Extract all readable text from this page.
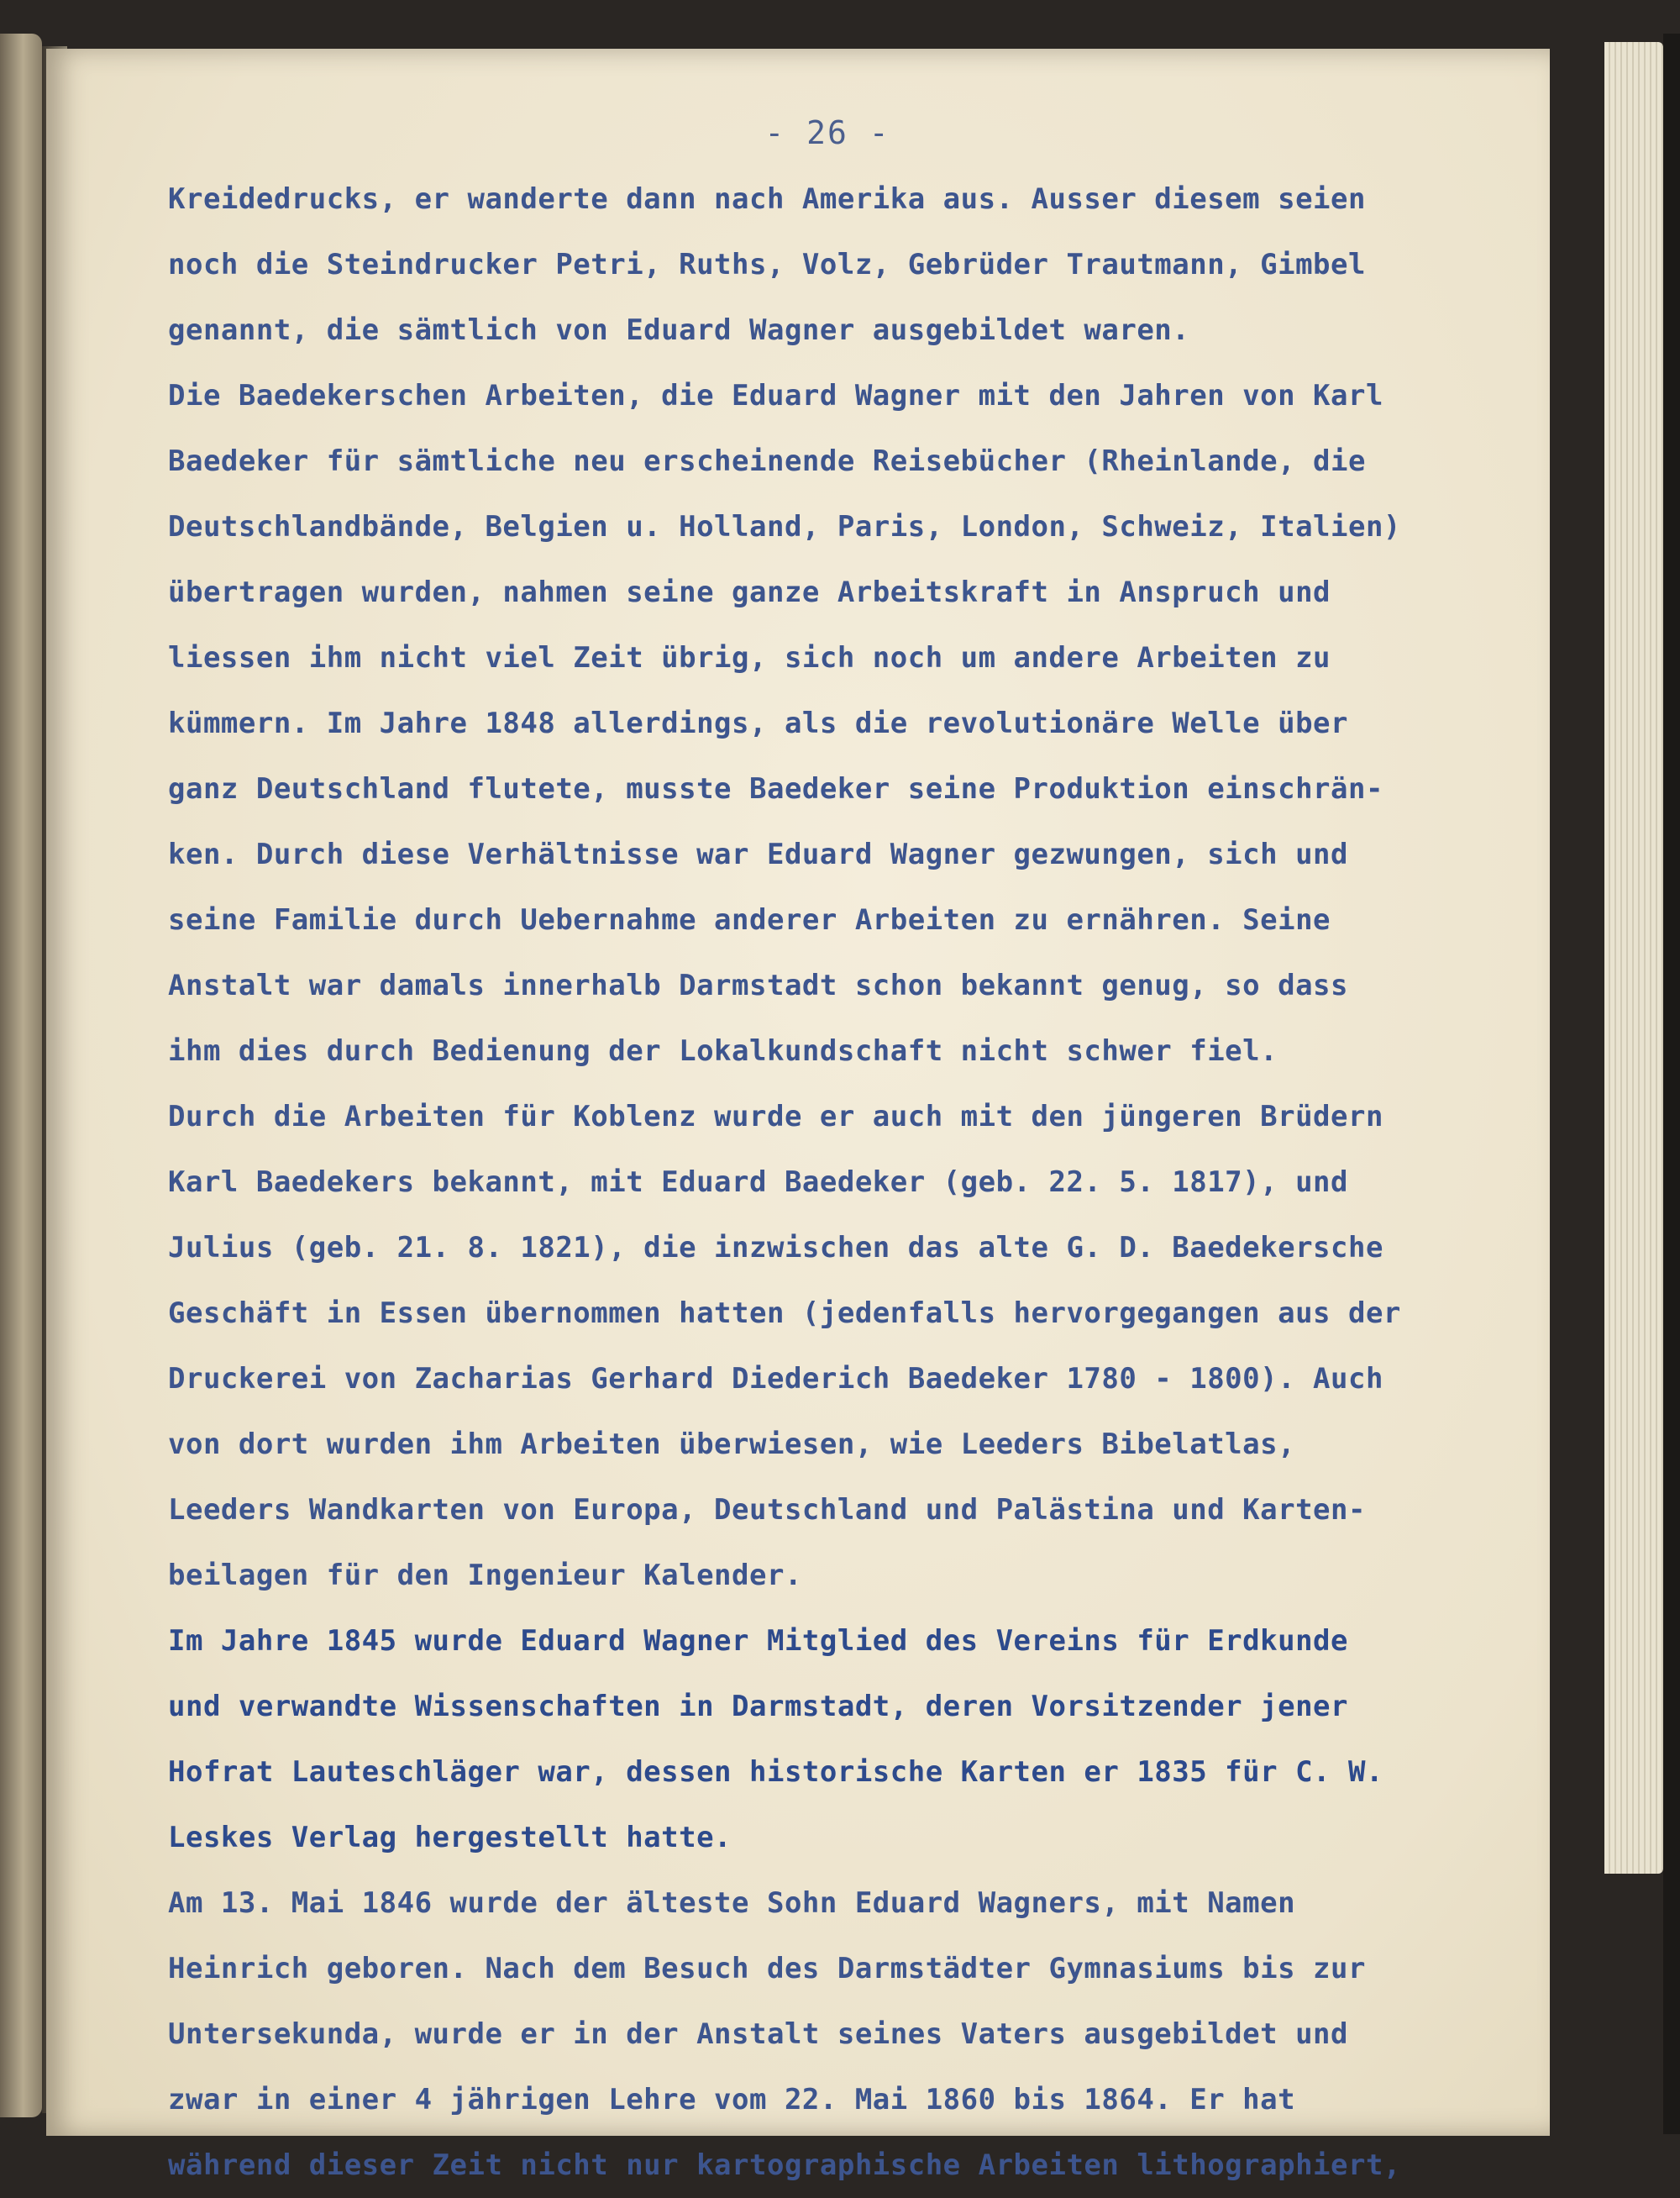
- 26 -
Kreidedrucks, er wanderte dann nach Amerika aus. Ausser diesem seien
noch die Steindrucker Petri, Ruths, Volz, Gebrüder Trautmann, Gimbel
genannt, die sämtlich von Eduard Wagner ausgebildet waren.
Die Baedekerschen Arbeiten, die Eduard Wagner mit den Jahren von Karl
Baedeker für sämtliche neu erscheinende Reisebücher (Rheinlande, die
Deutschlandbände, Belgien u. Holland, Paris, London, Schweiz, Italien)
übertragen wurden, nahmen seine ganze Arbeitskraft in Anspruch und
liessen ihm nicht viel Zeit übrig, sich noch um andere Arbeiten zu
kümmern. Im Jahre 1848 allerdings, als die revolutionäre Welle über
ganz Deutschland flutete, musste Baedeker seine Produktion einschrän-
ken. Durch diese Verhältnisse war Eduard Wagner gezwungen, sich und
seine Familie durch Uebernahme anderer Arbeiten zu ernähren. Seine
Anstalt war damals innerhalb Darmstadt schon bekannt genug, so dass
ihm dies durch Bedienung der Lokalkundschaft nicht schwer fiel.
Durch die Arbeiten für Koblenz wurde er auch mit den jüngeren Brüdern
Karl Baedekers bekannt, mit Eduard Baedeker (geb. 22. 5. 1817), und
Julius (geb. 21. 8. 1821), die inzwischen das alte G. D. Baedekersche
Geschäft in Essen übernommen hatten (jedenfalls hervorgegangen aus der
Druckerei von Zacharias Gerhard Diederich Baedeker 1780 - 1800). Auch
von dort wurden ihm Arbeiten überwiesen, wie Leeders Bibelatlas,
Leeders Wandkarten von Europa, Deutschland und Palästina und Karten-
beilagen für den Ingenieur Kalender.
Im Jahre 1845 wurde Eduard Wagner Mitglied des Vereins für Erdkunde
und verwandte Wissenschaften in Darmstadt, deren Vorsitzender jener
Hofrat Lauteschläger war, dessen historische Karten er 1835 für C. W.
Leskes Verlag hergestellt hatte.
Am 13. Mai 1846 wurde der älteste Sohn Eduard Wagners, mit Namen
Heinrich geboren. Nach dem Besuch des Darmstädter Gymnasiums bis zur
Untersekunda, wurde er in der Anstalt seines Vaters ausgebildet und
zwar in einer 4 jährigen Lehre vom 22. Mai 1860 bis 1864. Er hat
während dieser Zeit nicht nur kartographische Arbeiten lithographiert,
